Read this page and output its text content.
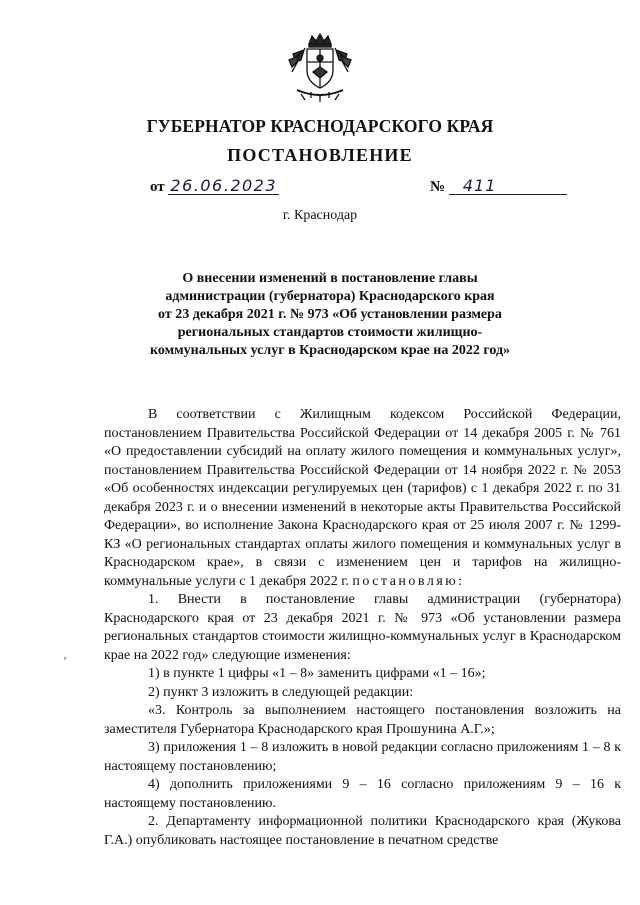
ГУБЕРНАТОР КРАСНОДАРСКОГО КРАЯ
ПОСТАНОВЛЕНИЕ
от 26.06.2023	№ 411
г. Краснодар
О внесении изменений в постановление главы
администрации (губернатора) Краснодарского края
от 23 декабря 2021 г. № 973 «Об установлении размера
региональных стандартов стоимости жилищно-
коммунальных услуг в Краснодарском крае на 2022 год»

В соответствии с Жилищным кодексом Российской Федерации, постановлением Правительства Российской Федерации от 14 декабря 2005 г. № 761 «О предоставлении субсидий на оплату жилого помещения и коммунальных услуг», постановлением Правительства Российской Федерации от 14 ноября 2022 г. № 2053 «Об особенностях индексации регулируемых цен (тарифов) с 1 декабря 2022 г. по 31 декабря 2023 г. и о внесении изменений в некоторые акты Правительства Российской Федерации», во исполнение Закона Краснодарского края от 25 июля 2007 г. № 1299-КЗ «О региональных стандартах оплаты жилого помещения и коммунальных услуг в Краснодарском крае», в связи с изменением цен и тарифов на жилищно-коммунальные услуги с 1 декабря 2022 г. постановляю:

1. Внести в постановление главы администрации (губернатора) Краснодарского края от 23 декабря 2021 г. № 973 «Об установлении размера региональных стандартов стоимости жилищно-коммунальных услуг в Краснодарском крае на 2022 год» следующие изменения:

1) в пункте 1 цифры «1 – 8» заменить цифрами «1 – 16»;

2) пункт 3 изложить в следующей редакции:

«3. Контроль за выполнением настоящего постановления возложить на заместителя Губернатора Краснодарского края Прошунина А.Г.»;

3) приложения 1 – 8 изложить в новой редакции согласно приложениям 1 – 8 к настоящему постановлению;

4) дополнить приложениями 9 – 16 согласно приложениям 9 – 16 к настоящему постановлению.

2. Департаменту информационной политики Краснодарского края (Жукова Г.А.) опубликовать настоящее постановление в печатном средстве

‚
